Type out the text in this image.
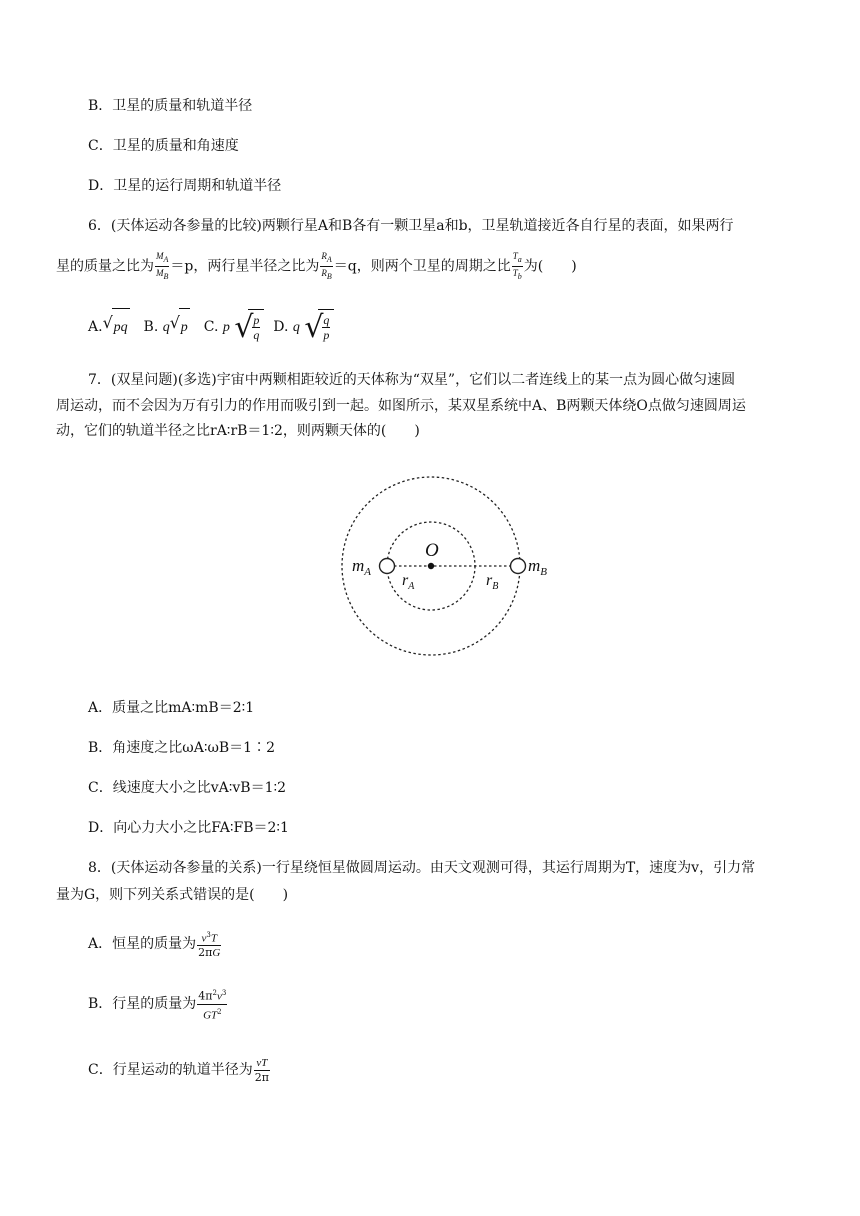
B．卫星的质量和轨道半径
C．卫星的质量和角速度
D．卫星的运行周期和轨道半径
6．(天体运动各参量的比较)两颗行星A和B各有一颗卫星a和b，卫星轨道接近各自行星的表面，如果两行
星的质量之比为 $\frac{M_A}{M_B} =p$，两行星半径之比为 $\frac{R_A}{R_B} =q$，则两个卫星的周期之比 $\frac{T_a}{T_b}$ 为(　　)
A. √ pq　B. q √ p　C. p √
$\frac{p}{q} D$. q √
$\frac{q}{p}$
7．(双星问题)(多选)宇宙中两颗相距较近的天体称为“双星”，它们以二者连线上的某一点为圆心做匀速圆
周运动，而不会因为万有引力的作用而吸引到一起。如图所示，某双星系统中A、B两颗天体绕O点做匀速圆周运
动，它们的轨道半径之比rA∶rB＝1∶2，则两颗天体的(　　)
O
$m_A$	$m_B$
$r_A$	$r_B$
A．质量之比mA∶mB＝2∶1
B．角速度之比ωA∶ωB＝1∶2
C．线速度大小之比vA∶vB＝1∶2
D．向心力大小之比FA∶FB＝2∶1
8．(天体运动各参量的关系)一行星绕恒星做圆周运动。由天文观测可得，其运行周期为T，速度为v，引力常
量为G，则下列关系式错误的是(　　)
A．恒星的质量为 $\frac{v^3T}{2\pi G}$
B．行星的质量为 $\frac{4\pi^2v^3}{GT^2}$
C．行星运动的轨道半径为 $\frac{vT}{2\pi}$
